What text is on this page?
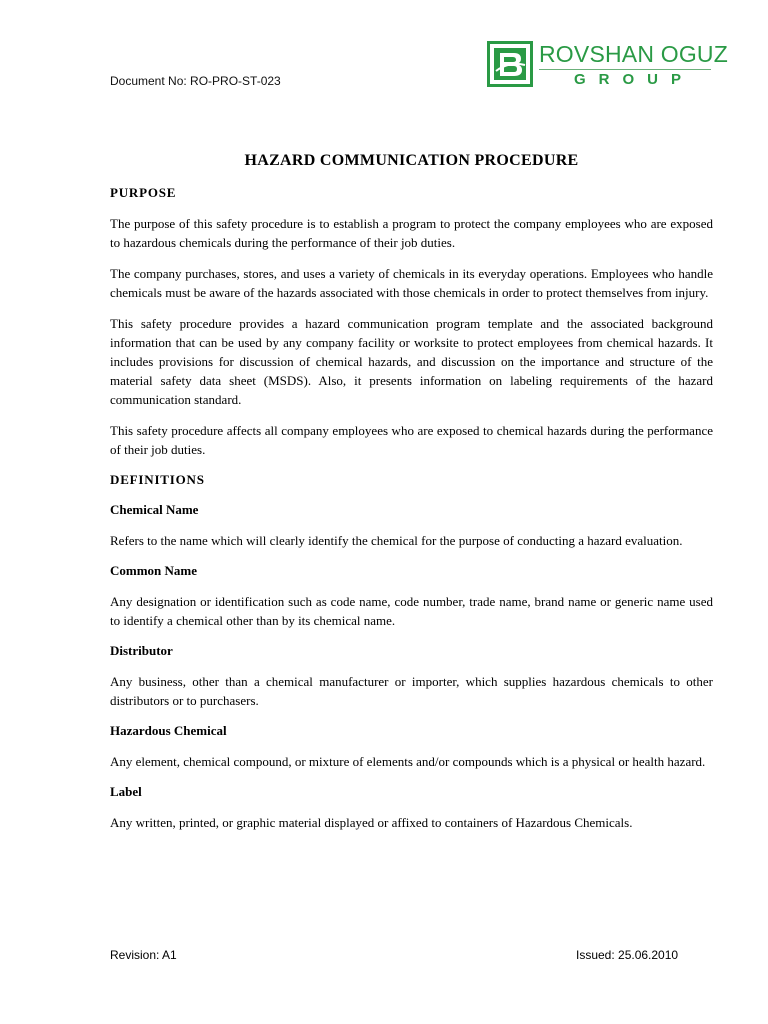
Document No: RO-PRO-ST-023
ROVSHAN OGUZ
GROUP
HAZARD COMMUNICATION PROCEDURE
PURPOSE

The purpose of this safety procedure is to establish a program to protect the company employees who are exposed to hazardous chemicals during the performance of their job duties.

The company purchases, stores, and uses a variety of chemicals in its everyday operations. Employees who handle chemicals must be aware of the hazards associated with those chemicals in order to protect themselves from injury.

This safety procedure provides a hazard communication program template and the associated background information that can be used by any company facility or worksite to protect employees from chemical hazards. It includes provisions for discussion of chemical hazards, and discussion on the importance and structure of the material safety data sheet (MSDS). Also, it presents information on labeling requirements of the hazard communication standard.

This safety procedure affects all company employees who are exposed to chemical hazards during the performance of their job duties.

DEFINITIONS
Chemical Name

Refers to the name which will clearly identify the chemical for the purpose of conducting a hazard evaluation.

Common Name

Any designation or identification such as code name, code number, trade name, brand name or generic name used to identify a chemical other than by its chemical name.

Distributor

Any business, other than a chemical manufacturer or importer, which supplies hazardous chemicals to other distributors or to purchasers.

Hazardous Chemical

Any element, chemical compound, or mixture of elements and/or compounds which is a physical or health hazard.

Label

Any written, printed, or graphic material displayed or affixed to containers of Hazardous Chemicals.

Revision: A1	Issued: 25.06.2010
